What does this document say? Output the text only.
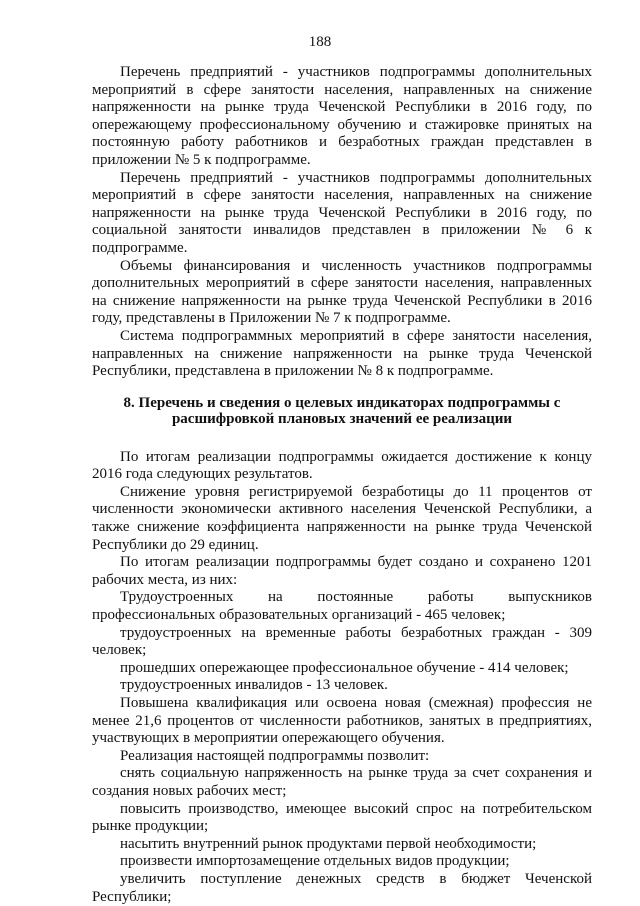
188

Перечень предприятий - участников подпрограммы дополнительных мероприятий в сфере занятости населения, направленных на снижение напряженности на рынке труда Чеченской Республики в 2016 году, по опережающему профессиональному обучению и стажировке принятых на постоянную работу работников и безработных граждан представлен в приложении № 5 к подпрограмме.

Перечень предприятий - участников подпрограммы дополнительных мероприятий в сфере занятости населения, направленных на снижение напряженности на рынке труда Чеченской Республики в 2016 году, по социальной занятости инвалидов представлен в приложении № 6 к подпрограмме.

Объемы финансирования и численность участников подпрограммы дополнительных мероприятий в сфере занятости населения, направленных на снижение напряженности на рынке труда Чеченской Республики в 2016 году, представлены в Приложении № 7 к подпрограмме.

Система подпрограммных мероприятий в сфере занятости населения, направленных на снижение напряженности на рынке труда Чеченской Республики, представлена в приложении № 8 к подпрограмме.

8. Перечень и сведения о целевых индикаторах подпрограммы с расшифровкой плановых значений ее реализации

По итогам реализации подпрограммы ожидается достижение к концу 2016 года следующих результатов.

Снижение уровня регистрируемой безработицы до 11 процентов от численности экономически активного населения Чеченской Республики, а также снижение коэффициента напряженности на рынке труда Чеченской Республики до 29 единиц.

По итогам реализации подпрограммы будет создано и сохранено 1201 рабочих места, из них:

Трудоустроенных на постоянные работы выпускников профессиональных образовательных организаций - 465 человек;

трудоустроенных на временные работы безработных граждан - 309 человек;

прошедших опережающее профессиональное обучение - 414 человек;

трудоустроенных инвалидов - 13 человек.

Повышена квалификация или освоена новая (смежная) профессия не менее 21,6 процентов от численности работников, занятых в предприятиях, участвующих в мероприятии опережающего обучения.

Реализация настоящей подпрограммы позволит:

снять социальную напряженность на рынке труда за счет сохранения и создания новых рабочих мест;

повысить производство, имеющее высокий спрос на потребительском рынке продукции;

насытить внутренний рынок продуктами первой необходимости;

произвести импортозамещение отдельных видов продукции;

увеличить поступление денежных средств в бюджет Чеченской Республики;
